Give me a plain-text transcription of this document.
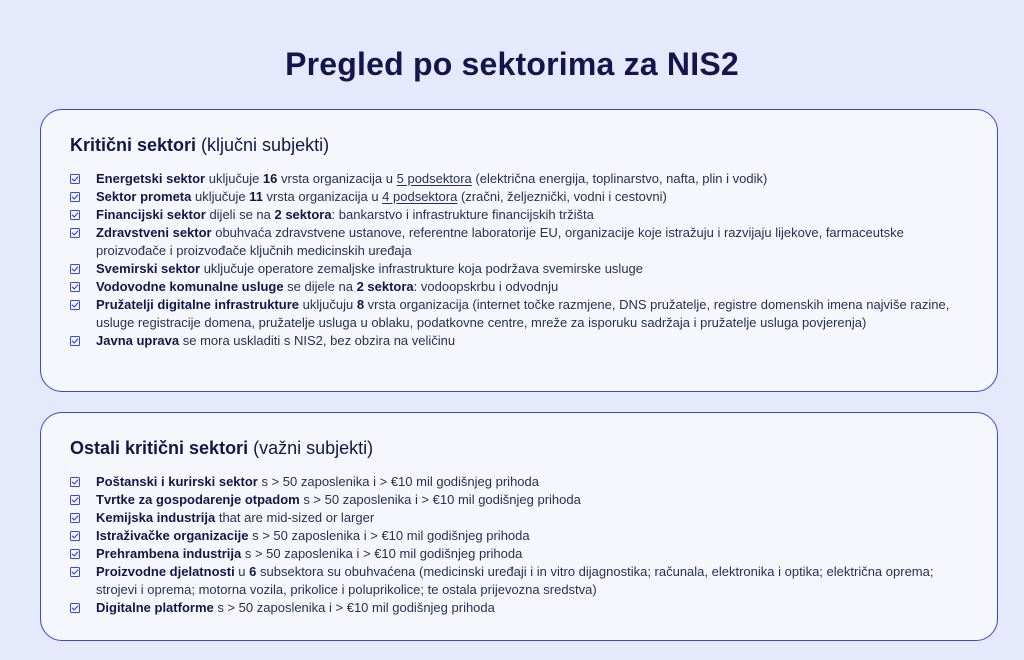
Pregled po sektorima za NIS2
Kritični sektori (ključni subjekti)
Energetski sektor uključuje 16 vrsta organizacija u 5 podsektora (električna energija, toplinarstvo, nafta, plin i vodik)
Sektor prometa uključuje 11 vrsta organizacija u 4 podsektora (zračni, željeznički, vodni i cestovni)
Financijski sektor dijeli se na 2 sektora: bankarstvo i infrastrukture financijskih tržišta
Zdravstveni sektor obuhvaća zdravstvene ustanove, referentne laboratorije EU, organizacije koje istražuju i razvijaju lijekove, farmaceutske proizvođače i proizvođače ključnih medicinskih uređaja
Svemirski sektor uključuje operatore zemaljske infrastrukture koja podržava svemirske usluge
Vodovodne komunalne usluge se dijele na 2 sektora: vodoopskrbu i odvodnju
Pružatelji digitalne infrastrukture uključuju 8 vrsta organizacija (internet točke razmjene, DNS pružatelje, registre domenskih imena najviše razine, usluge registracije domena, pružatelje usluga u oblaku, podatkovne centre, mreže za isporuku sadržaja i pružatelje usluga povjerenja)
Javna uprava se mora uskladiti s NIS2, bez obzira na veličinu
Ostali kritični sektori (važni subjekti)
Poštanski i kurirski sektor s > 50 zaposlenika i > €10 mil godišnjeg prihoda
Tvrtke za gospodarenje otpadom s > 50 zaposlenika i > €10 mil godišnjeg prihoda
Kemijska industrija that are mid-sized or larger
Istraživačke organizacije s > 50 zaposlenika i > €10 mil godišnjeg prihoda
Prehrambena industrija s > 50 zaposlenika i > €10 mil godišnjeg prihoda
Proizvodne djelatnosti u 6 subsektora su obuhvaćena (medicinski uređaji i in vitro dijagnostika; računala, elektronika i optika; električna oprema; strojevi i oprema; motorna vozila, prikolice i poluprikolice; te ostala prijevozna sredstva)
Digitalne platforme s > 50 zaposlenika i > €10 mil godišnjeg prihoda
